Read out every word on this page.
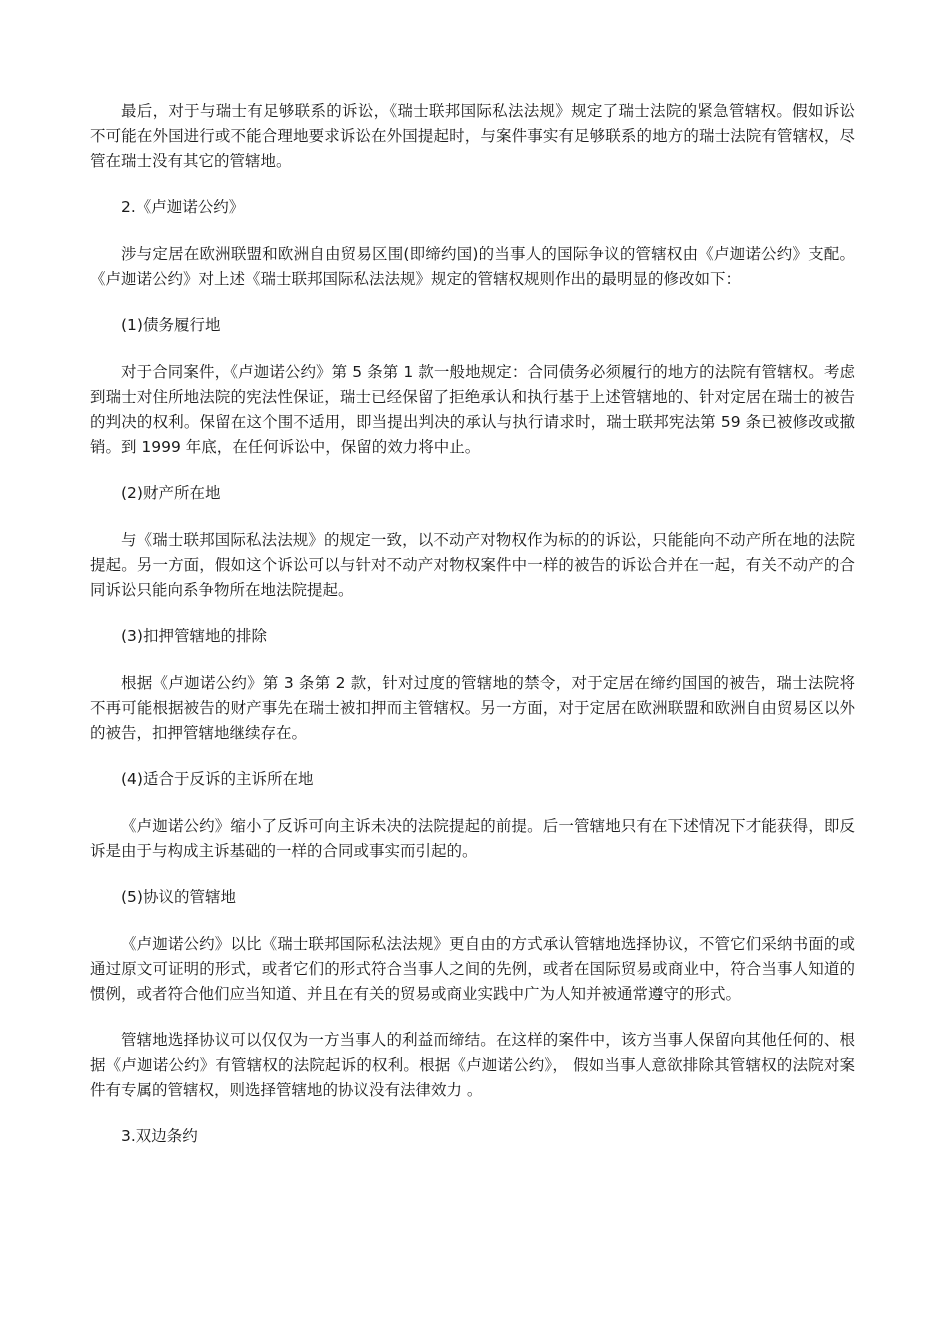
最后，对于与瑞士有足够联系的诉讼，《瑞士联邦国际私法法规》规定了瑞士法院的紧急管辖权。假如诉讼不可能在外国进行或不能合理地要求诉讼在外国提起时，与案件事实有足够联系的地方的瑞士法院有管辖权，尽管在瑞士没有其它的管辖地。

2.《卢迦诺公约》

涉与定居在欧洲联盟和欧洲自由贸易区围(即缔约国)的当事人的国际争议的管辖权由《卢迦诺公约》支配。《卢迦诺公约》对上述《瑞士联邦国际私法法规》规定的管辖权规则作出的最明显的修改如下：

(1)债务履行地

对于合同案件，《卢迦诺公约》第 5 条第 1 款一般地规定：合同债务必须履行的地方的法院有管辖权。考虑到瑞士对住所地法院的宪法性保证，瑞士已经保留了拒绝承认和执行基于上述管辖地的、针对定居在瑞士的被告的判决的权利。保留在这个围不适用，即当提出判决的承认与执行请求时，瑞士联邦宪法第 59 条已被修改或撤销。到 1999 年底，在任何诉讼中，保留的效力将中止。

(2)财产所在地

与《瑞士联邦国际私法法规》的规定一致，以不动产对物权作为标的的诉讼，只能能向不动产所在地的法院提起。另一方面，假如这个诉讼可以与针对不动产对物权案件中一样的被告的诉讼合并在一起，有关不动产的合同诉讼只能向系争物所在地法院提起。

(3)扣押管辖地的排除

根据《卢迦诺公约》第 3 条第 2 款，针对过度的管辖地的禁令，对于定居在缔约国国的被告，瑞士法院将不再可能根据被告的财产事先在瑞士被扣押而主管辖权。另一方面，对于定居在欧洲联盟和欧洲自由贸易区以外的被告，扣押管辖地继续存在。

(4)适合于反诉的主诉所在地

《卢迦诺公约》缩小了反诉可向主诉未决的法院提起的前提。后一管辖地只有在下述情况下才能获得，即反诉是由于与构成主诉基础的一样的合同或事实而引起的。

(5)协议的管辖地

《卢迦诺公约》以比《瑞士联邦国际私法法规》更自由的方式承认管辖地选择协议，不管它们采纳书面的或通过原文可证明的形式，或者它们的形式符合当事人之间的先例，或者在国际贸易或商业中，符合当事人知道的惯例，或者符合他们应当知道、并且在有关的贸易或商业实践中广为人知并被通常遵守的形式。

管辖地选择协议可以仅仅为一方当事人的利益而缔结。在这样的案件中，该方当事人保留向其他任何的、根据《卢迦诺公约》有管辖权的法院起诉的权利。根据《卢迦诺公约》， 假如当事人意欲排除其管辖权的法院对案件有专属的管辖权，则选择管辖地的协议没有法律效力 。

3.双边条约
